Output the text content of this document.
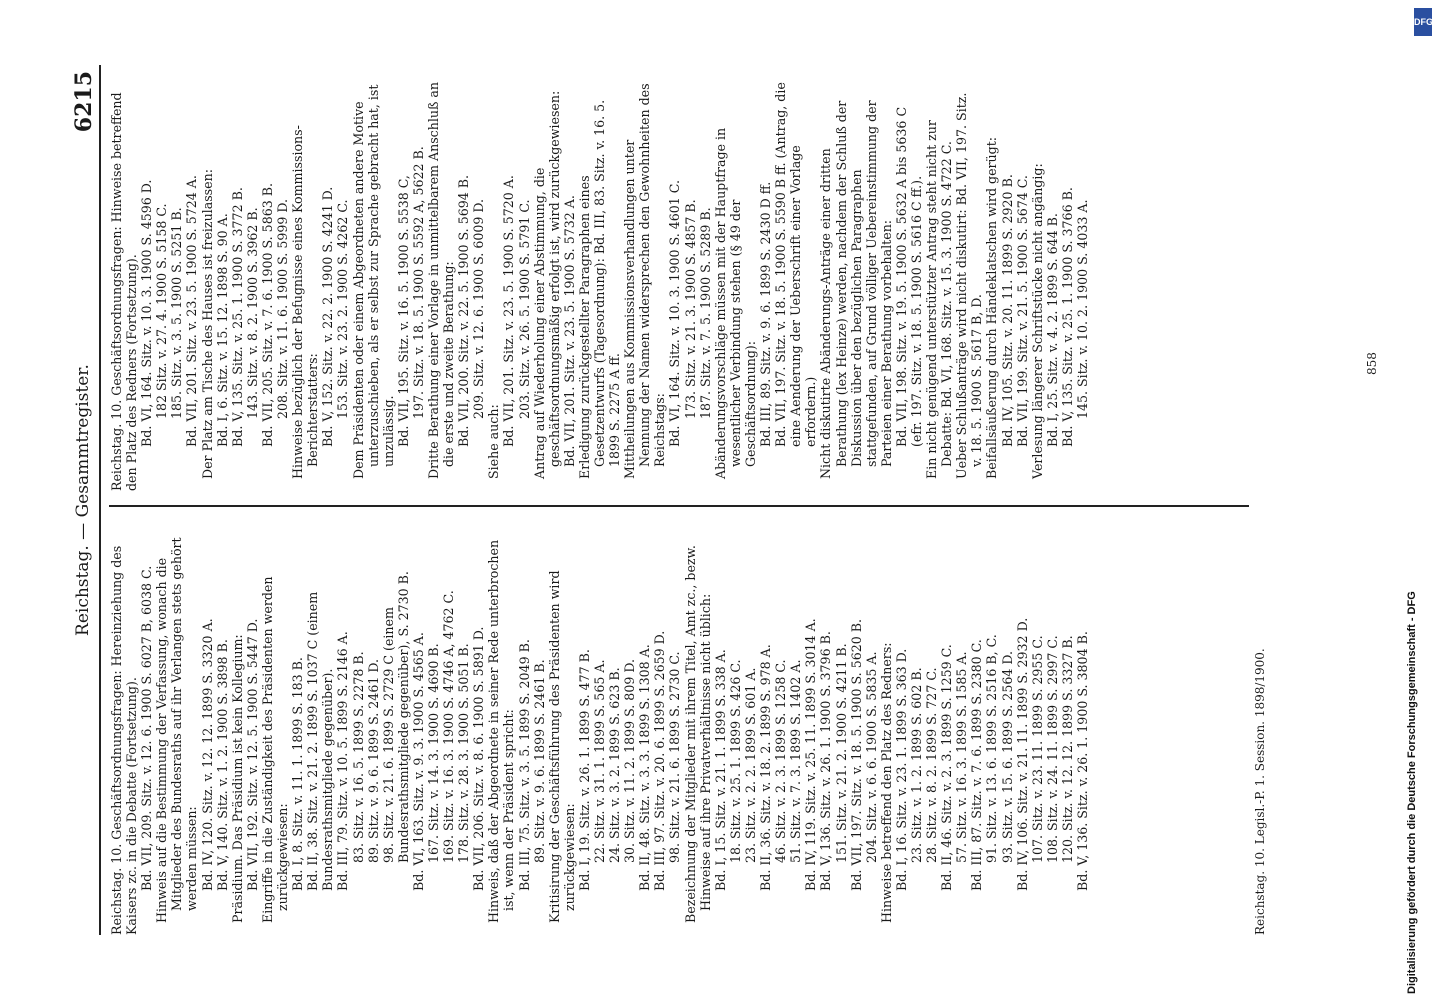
Reichstag. — Gesammtregister.
6215

Reichstag. 10. Geschäftsordnungsfragen: Hereinziehung des Kaisers zc. in die Debatte (Fortsetzung). Bd. VII, 209. Sitz. v. 12. 6. 1900 S. 6027 B, 6038 C. Hinweis auf die Bestimmung der Verfassung, wonach die Mitglieder des Bundesraths auf ihr Verlangen stets gehört werden müssen: Bd. IV, 120. Sitz. v. 12. 12. 1899 S. 3320 A. Bd. V, 140. Sitz. v. 1. 2. 1900 S. 3898 B. Präsidium. Das Präsidium ist kein Kollegium: Bd. VII, 192. Sitz. v. 12. 5. 1900 S. 5447 D. Eingriffe in die Zuständigkeit des Präsidenten werden zurückgewiesen: Bd. I, 8. Sitz. v. 11. 1. 1899 S. 183 B. Bd. II, 38. Sitz. v. 21. 2. 1899 S. 1037 C (einem Bundesrathsmitgliede gegenüber). Bd. III, 79. Sitz. v. 10. 5. 1899 S. 2146 A. 83. Sitz. v. 16. 5. 1899 S. 2278 B. 89. Sitz. v. 9. 6. 1899 S. 2461 D. 98. Sitz. v. 21. 6. 1899 S. 2729 C (einem Bundesrathsmitgliede gegenüber), S. 2730 B. Bd. VI, 163. Sitz. v. 9. 3. 1900 S. 4565 A. 167. Sitz. v. 14. 3. 1900 S. 4690 B. 169. Sitz. v. 16. 3. 1900 S. 4746 A, 4762 C. 178. Sitz. v. 28. 3. 1900 S. 5051 B. Bd. VII, 206. Sitz. v. 8. 6. 1900 S. 5891 D. Hinweis, daß der Abgeordnete in seiner Rede unterbrochen ist, wenn der Präsident spricht: Bd. III, 75. Sitz. v. 3. 5. 1899 S. 2049 B. 89. Sitz. v. 9. 6. 1899 S. 2461 B. Kritisirung der Geschäftsführung des Präsidenten wird zurückgewiesen: Bd. I, 19. Sitz. v. 26. 1. 1899 S. 477 B. 22. Sitz. v. 31. 1. 1899 S. 565 A. 24. Sitz. v. 3. 2. 1899 S. 623 B. 30. Sitz. v. 11. 2. 1899 S. 809 D. Bd. II, 48. Sitz. v. 3. 3. 1899 S. 1308 A. Bd. III, 97. Sitz. v. 20. 6. 1899 S. 2659 D. 98. Sitz. v. 21. 6. 1899 S. 2730 C. Bezeichnung der Mitglieder mit ihrem Titel, Amt zc., bezw. Hinweise auf ihre Privatverhältnisse nicht üblich: Bd. I, 15. Sitz. v. 21. 1. 1899 S. 338 A. 18. Sitz. v. 25. 1. 1899 S. 426 C. 23. Sitz. v. 2. 2. 1899 S. 601 A. Bd. II, 36. Sitz. v. 18. 2. 1899 S. 978 A. 46. Sitz. v. 2. 3. 1899 S. 1258 C. 51. Sitz. v. 7. 3. 1899 S. 1402 A. Bd. IV, 119. Sitz. v. 25. 11. 1899 S. 3014 A. Bd. V, 136. Sitz. v. 26. 1. 1900 S. 3796 B. 151. Sitz. v. 21. 2. 1900 S. 4211 B. Bd. VII, 197. Sitz. v. 18. 5. 1900 S. 5620 B. 204. Sitz. v. 6. 6. 1900 S. 5835 A. Hinweise betreffend den Platz des Redners: Bd. I, 16. Sitz. v. 23. 1. 1899 S. 363 D. 23. Sitz. v. 1. 2. 1899 S. 602 B. 28. Sitz. v. 8. 2. 1899 S. 727 C. Bd. II, 46. Sitz. v. 2. 3. 1899 S. 1259 C. 57. Sitz. v. 16. 3. 1899 S. 1585 A. Bd. III, 87. Sitz. v. 7. 6. 1899 S. 2380 C. 91. Sitz. v. 13. 6. 1899 S. 2516 B, C. 93. Sitz. v. 15. 6. 1899 S. 2564 D. Bd. IV, 106. Sitz. v. 21. 11. 1899 S. 2932 D. 107. Sitz. v. 23. 11. 1899 S. 2955 C. 108. Sitz. v. 24. 11. 1899 S. 2997 C. 120. Sitz. v. 12. 12. 1899 S. 3327 B. Bd. V, 136. Sitz. v. 26. 1. 1900 S. 3804 B.

Reichstag. 10. Geschäftsordnungsfragen: Hinweise betreffend den Platz des Redners (Fortsetzung). Bd. VI, 164. Sitz. v. 10. 3. 1900 S. 4596 D. 182 Sitz. v. 27. 4. 1900 S. 5158 C. 185. Sitz. v. 3. 5. 1900 S. 5251 B. Bd. VII, 201. Sitz. v. 23. 5. 1900 S. 5724 A. Der Platz am Tische des Hauses ist freizulassen: Bd. I, 6. Sitz. v. 15. 12. 1898 S. 90 A. Bd. V, 135. Sitz. v. 25. 1. 1900 S. 3772 B. 143. Sitz. v. 8. 2. 1900 S. 3962 B. Bd. VII, 205. Sitz. v. 7. 6. 1900 S. 5863 B. 208. Sitz. v. 11. 6. 1900 S. 5999 D. Hinweise bezüglich der Befugnisse eines Kommissions-Berichterstatters: Bd. V, 152. Sitz. v. 22. 2. 1900 S. 4241 D. 153. Sitz. v. 23. 2. 1900 S. 4262 C. Dem Präsidenten oder einem Abgeordneten andere Motive unterzuschieben, als er selbst zur Sprache gebracht hat, ist unzulässig. Bd. VII, 195. Sitz. v. 16. 5. 1900 S. 5538 C, 197. Sitz. v. 18. 5. 1900 S. 5592 A, 5622 B. Dritte Berathung einer Vorlage in unmittelbarem Anschluß an die erste und zweite Berathung: Bd. VII, 200. Sitz. v. 22. 5. 1900 S. 5694 B. 209. Sitz. v. 12. 6. 1900 S. 6009 D.

Siehe auch: Bd. VII, 201. Sitz. v. 23. 5. 1900 S. 5720 A. 203. Sitz. v. 26. 5. 1900 S. 5791 C. Antrag auf Wiederholung einer Abstimmung, die geschäftsordnungsmäßig erfolgt ist, wird zurückgewiesen: Bd. VII, 201. Sitz. v. 23. 5. 1900 S. 5732 A. Erledigung zurückgestellter Paragraphen eines Gesetzentwurfs (Tagesordnung): Bd. III, 83. Sitz. v. 16. 5. 1899 S. 2275 A ff. Mittheilungen aus Kommissionsverhandlungen unter Nennung der Namen widersprechen den Gewohnheiten des Reichstags: Bd. VI, 164. Sitz. v. 10. 3. 1900 S. 4601 C. 173. Sitz. v. 21. 3. 1900 S. 4857 B. 187. Sitz. v. 7. 5. 1900 S. 5289 B. Abänderungsvorschläge müssen mit der Hauptfrage in wesentlicher Verbindung stehen (§ 49 der Geschäftsordnung): Bd. III, 89. Sitz. v. 9. 6. 1899 S. 2430 D ff. Bd. VII, 197. Sitz. v. 18. 5. 1900 S. 5590 B ff. (Antrag, die eine Aenderung der Ueberschrift einer Vorlage erfordern.) Nicht diskutirte Abänderungs-Anträge einer dritten Berathung (lex Heinze) werden, nachdem der Schluß der Diskussion über den bezüglichen Paragraphen stattgefunden, auf Grund völliger Uebereinstimmung der Parteien einer Berathung vorbehalten: Bd. VII, 198. Sitz. v. 19. 5. 1900 S. 5632 A bis 5636 C (efr. 197. Sitz. v. 18. 5. 1900 S. 5616 C ff.). Ein nicht genügend unterstützter Antrag steht nicht zur Debatte: Bd. VI, 168. Sitz. v. 15. 3. 1900 S. 4722 C. Ueber Schlußanträge wird nicht diskutirt: Bd. VII, 197. Sitz. v. 18. 5. 1900 S. 5617 B, D. Beifallsäußerung durch Händeklatschen wird gerügt: Bd. IV, 105. Sitz. v. 20. 11. 1899 S. 2920 B. Bd. VII, 199. Sitz. v. 21. 5. 1900 S. 5674 C. Verlesung längerer Schriftstücke nicht angängig: Bd. I, 25. Sitz. v. 4. 2. 1899 S. 644 B. Bd. V, 135. Sitz. v. 25. 1. 1900 S. 3766 B. 145. Sitz. v. 10. 2. 1900 S. 4033 A.

Reichstag. 10. Legisl.-P. 1. Session. 1898/1900.
858
Digitalisierung gefördert durch die Deutsche Forschungsgemeinschaft - DFG
DFG
